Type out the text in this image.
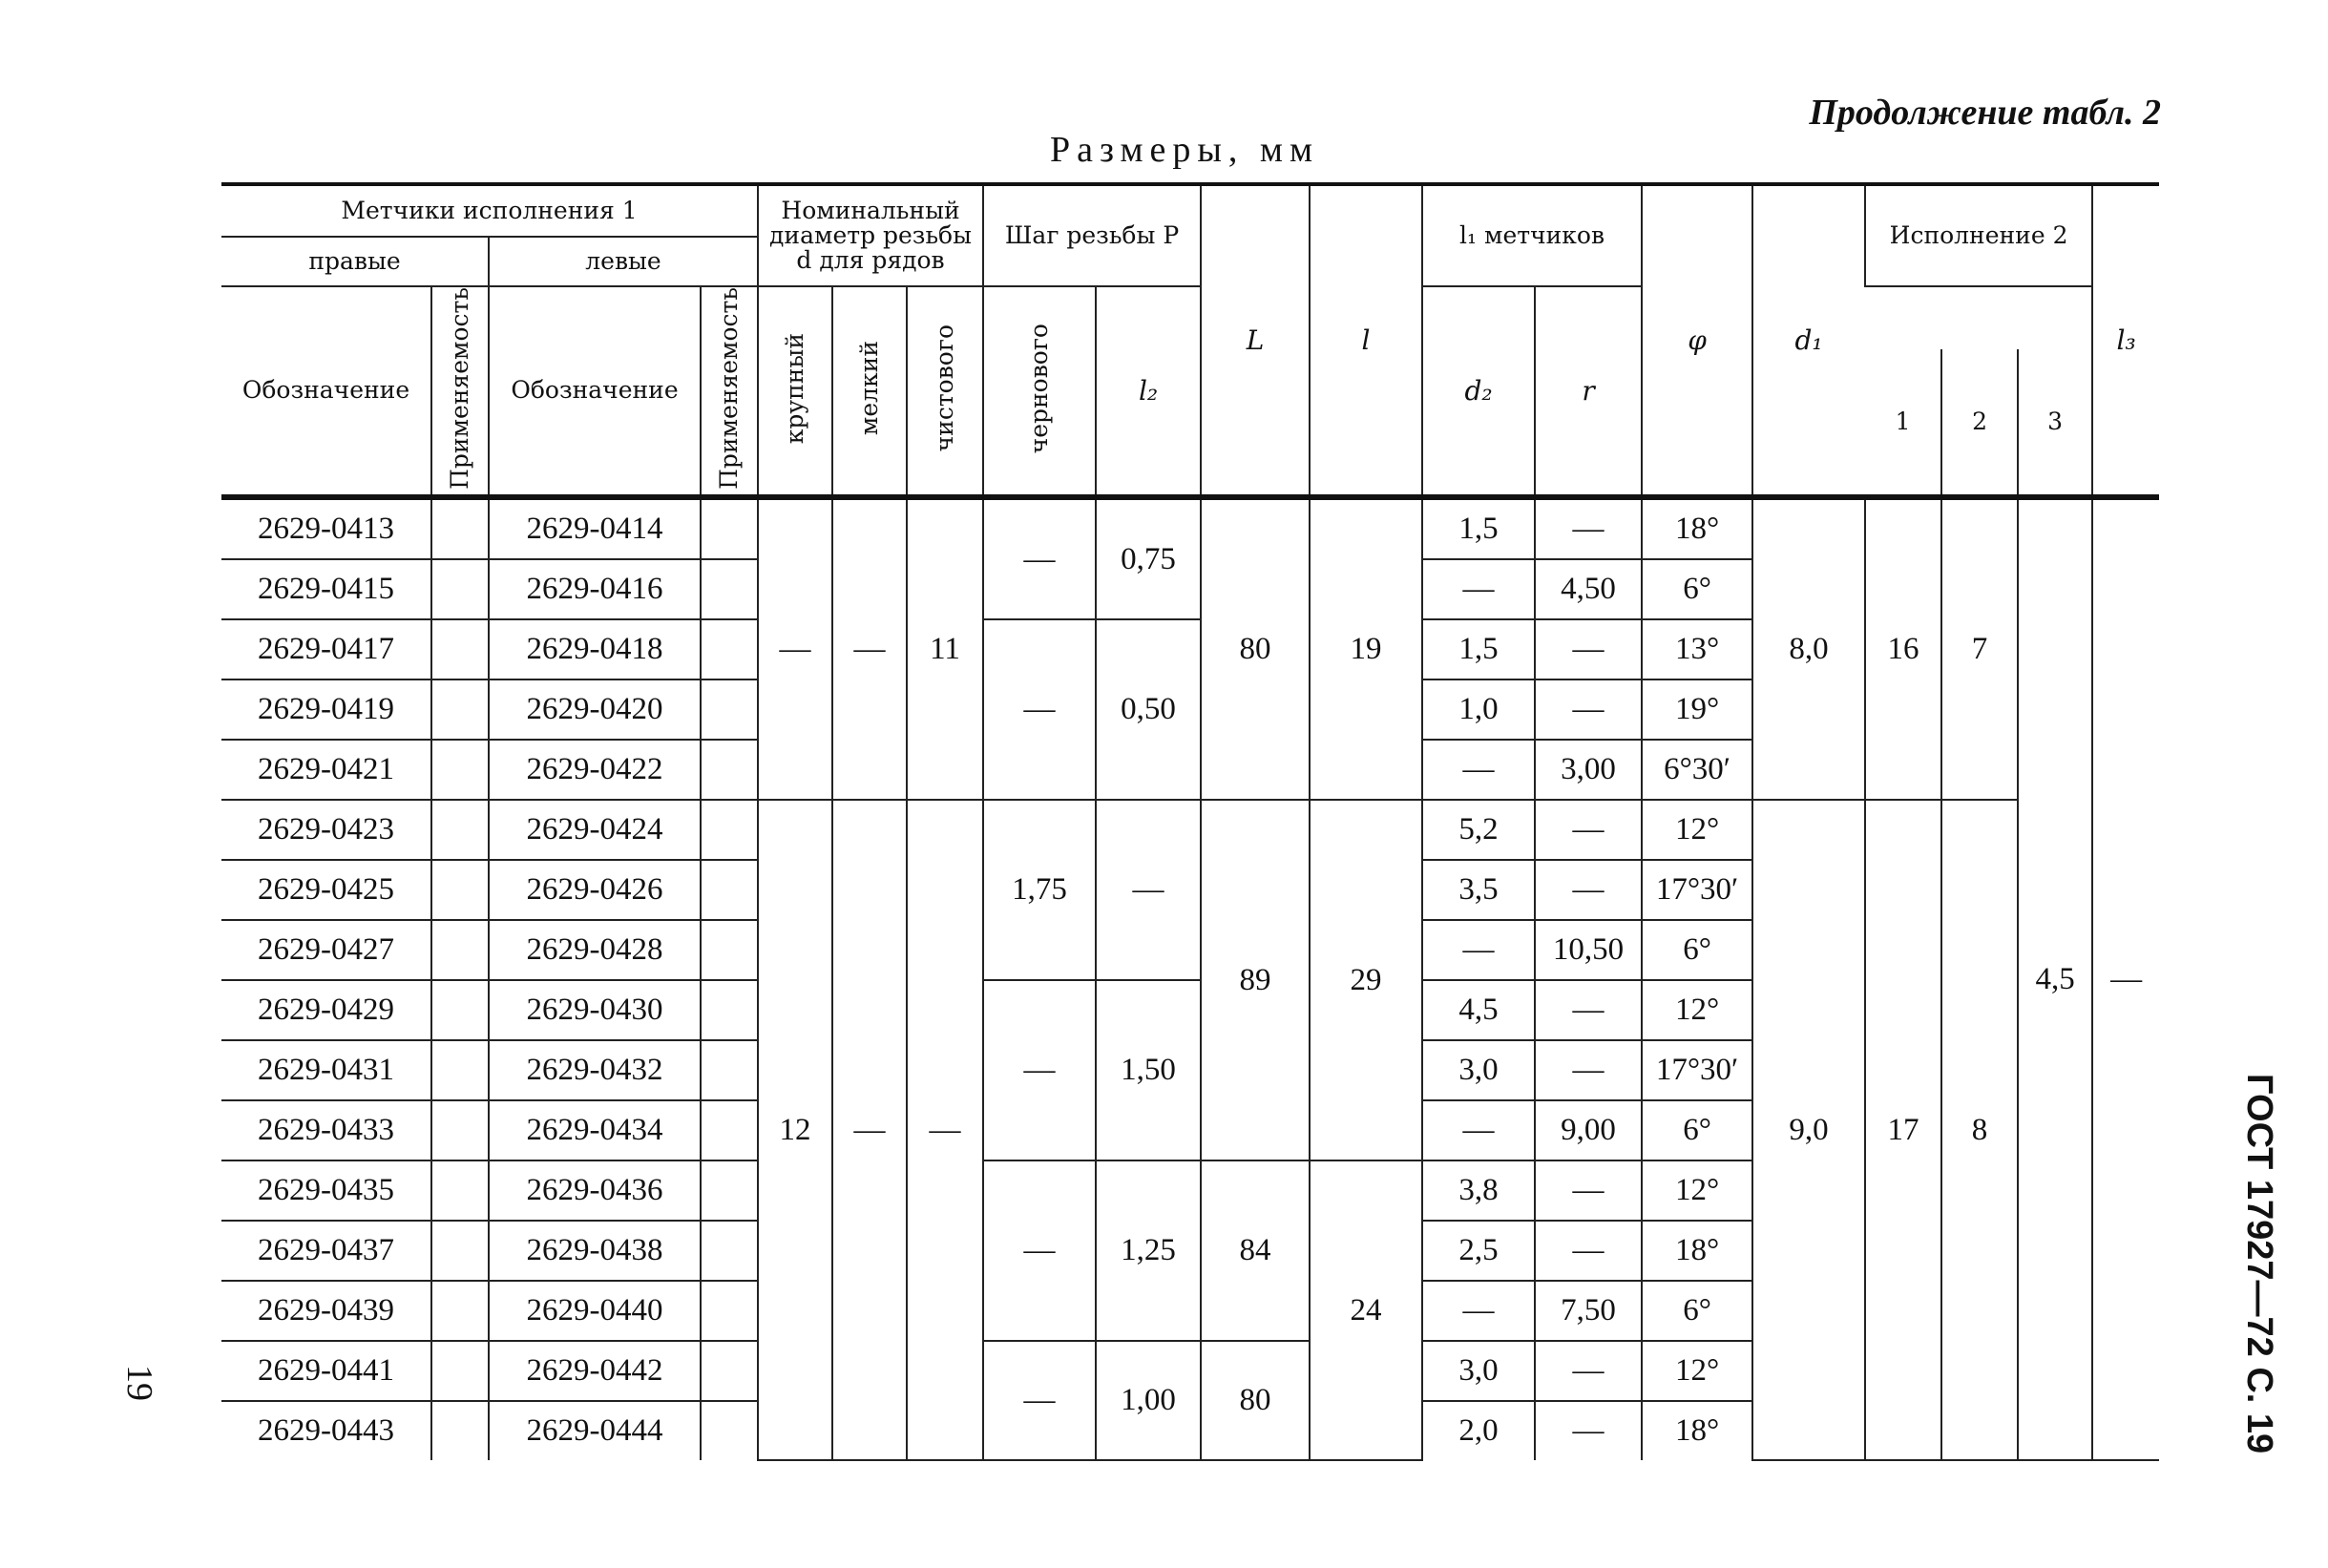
Продолжение табл. 2
Размеры, мм
19	ГОСТ 17927—72 С. 19
Метчики исполнения 1				Номинальный диаметр резьбы d для рядов			Шаг резьбы P		L	l	l₁ метчиков		φ	d₁	Исполнение 2			l₃
правые		левые																
Обозначение	Применяемость	Обозначение	Применяемость	крупный	мелкий	чистового	чернового	l₂			d₂	r						
															1	2	3	
2629-0413		2629-0414		—	—	11	—	0,75	80	19	1,5	—	18°	8,0	16	7	4,5	—
2629-0415		2629-0416									—	4,50	6°					
2629-0417		2629-0418					—	0,50			1,5	—	13°					
2629-0419		2629-0420									1,0	—	19°					
2629-0421		2629-0422									—	3,00	6°30′					
2629-0423		2629-0424		12	—	—	1,75	—	89	29	5,2	—	12°	9,0	17	8		
2629-0425		2629-0426									3,5	—	17°30′					
2629-0427		2629-0428									—	10,50	6°					
2629-0429		2629-0430					—	1,50			4,5	—	12°					
2629-0431		2629-0432									3,0	—	17°30′					
2629-0433		2629-0434									—	9,00	6°					
2629-0435		2629-0436					—	1,25	84	24	3,8	—	12°					
2629-0437		2629-0438									2,5	—	18°					
2629-0439		2629-0440									—	7,50	6°					
2629-0441		2629-0442					—	1,00	80		3,0	—	12°					
2629-0443		2629-0444									2,0	—	18°					
